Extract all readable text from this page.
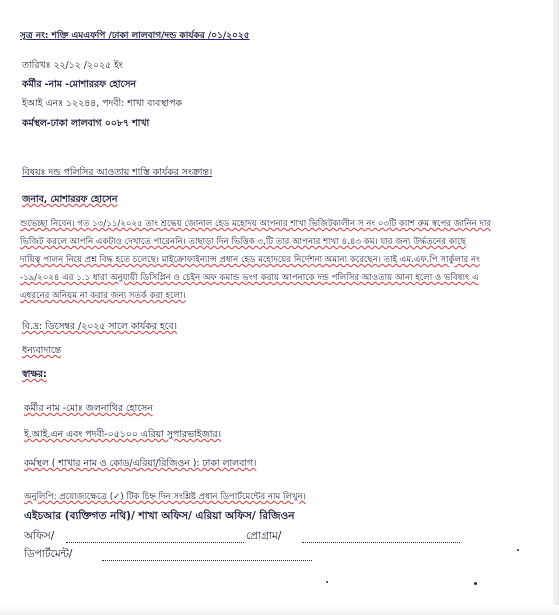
সূত্র নং: শক্তি এমএফপি /ঢাকা লালবাগ/দন্ড কার্যকর /০১/২০২৫
তারিখঃ ২২/১২ /২০২৫ ইং
কর্মীর -নাম -মোশাররফ হোসেন
ইআই এনঃ ১২২৪৪, পদবী: শাখা ব্যবস্থাপক
কর্মস্থল-ঢাকা লালবাগ ০০৮৭ শাখা
বিষয়ঃ দন্ড পলিসির আওতায় শাস্তি কার্যকর সংক্রান্ত।
জনাব, মোশাররফ হোসেন
শুভেচ্ছা নিবেন। গত ১৩/১১/২০২৫ তাং শ্রদ্ধেয় জোনাল হেড মহোদয় আপনার শাখা ভিজিটকালীন স নং ০৩টি ক্যাশ রুম স্বপের জানিন দার
ভিজিট করলে আপনি একটাও দেখাতে পারেননি। তাছাড়া দিন ভিত্তিক ৩,টি তার আপনার শাখা ৪.৪৩ কম। যার জন্য উর্দ্ধতনের কাছে
দায়িত্ব পালন নিয়ে প্রশ্ন বিদ্ধ হতে চলেছে। মাইক্রোফাইন্যান্স প্রধান হেড মহোদয়ের নির্দেশনা অমান্য করেছেন। তাই এম.এফ.পি সার্কুলার নং
-১৯/২০২৪ এর ১.১ ধারা অনুযায়ী ডিসিপ্লিন ও চেইন অফ কমান্ড ভংগ করায় আপনাকে দন্ড পলিসির আওতায় আনা হলো ও ভবিষ্যৎ এ
এধরনের অনিয়ম না করার জন্য সতর্ক করা হলো।
বি.দ্র: ডিসেম্বর /২০২৫ সালে কার্যকর হবে।
ধন্যবাদান্তে
স্বাক্ষর:
কর্মীর নাম -মোঃ জলনাথির হোসেন
ই.আই.এন এবং পদবী-০৫১০০ এরিয়া সুপারভাইজার।
কর্মস্থল ( শাখার নাম ও কোড/এরিয়া/রিজিওন ): ঢাকা লালবাগ।
অনুলিপি: প্রযোজ্যক্ষেত্রে (✓) টিক চিহ্ন দিন সংশ্লিষ্ট প্রধান ডিপার্টমেন্টের নাম লিখুন।
এইচআর (ব্যক্তিগত নথি)/ শাখা অফিস/ এরিয়া অফিস/ রিজিওন
অফিস/	প্রোগ্রাম/
ডিপার্টমেন্ট/
